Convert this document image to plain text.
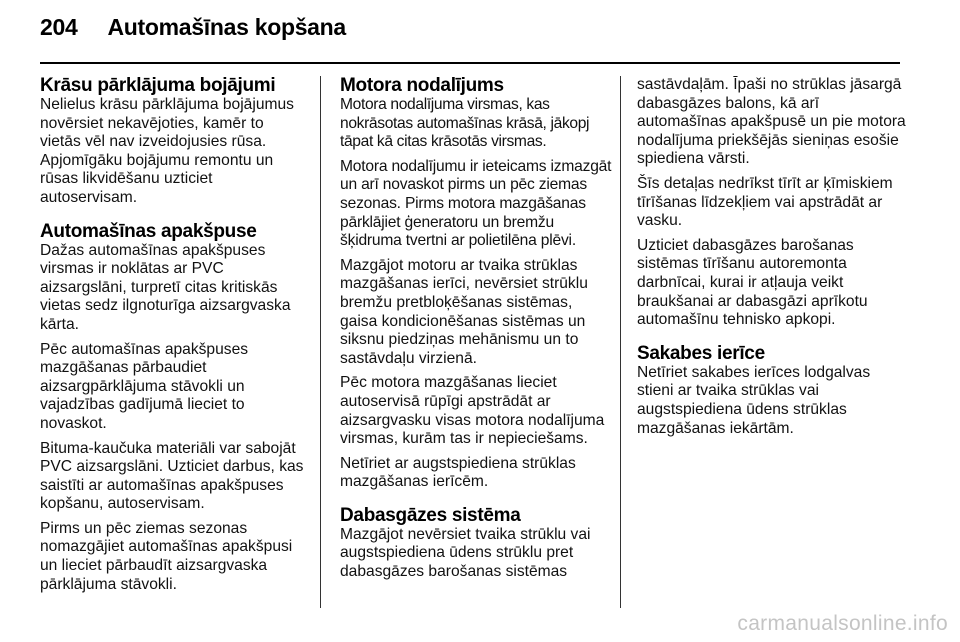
204 Automašīnas kopšana
Krāsu pārklājuma bojājumi

Nelielus krāsu pārklājuma bojājumus novērsiet nekavējoties, kamēr to vietās vēl nav izveidojusies rūsa. Apjomīgāku bojājumu remontu un rūsas likvidēšanu uzticiet autoservisam.

Automašīnas apakšpuse

Dažas automašīnas apakšpuses virsmas ir noklātas ar PVC aizsargslāni, turpretī citas kritiskās vietas sedz ilgnoturīga aizsargvaska kārta.

Pēc automašīnas apakšpuses mazgāšanas pārbaudiet aizsargpārklājuma stāvokli un vajadzības gadījumā lieciet to novaskot.

Bituma-kaučuka materiāli var sabojāt PVC aizsargslāni. Uzticiet darbus, kas saistīti ar automašīnas apakšpuses kopšanu, autoservisam.

Pirms un pēc ziemas sezonas nomazgājiet automašīnas apakšpusi un lieciet pārbaudīt aizsargvaska pārklājuma stāvokli.

Motora nodalījums

Motora nodalījuma virsmas, kas nokrāsotas automašīnas krāsā, jākopj tāpat kā citas krāsotās virsmas.

Motora nodalījumu ir ieteicams izmazgāt un arī novaskot pirms un pēc ziemas sezonas. Pirms motora mazgāšanas pārklājiet ģeneratoru un bremžu šķidruma tvertni ar polietilēna plēvi.

Mazgājot motoru ar tvaika strūklas mazgāšanas ierīci, nevērsiet strūklu bremžu pretbloķēšanas sistēmas, gaisa kondicionēšanas sistēmas un siksnu piedziņas mehānismu un to sastāvdaļu virzienā.

Pēc motora mazgāšanas lieciet autoservisā rūpīgi apstrādāt ar aizsargvasku visas motora nodalījuma virsmas, kurām tas ir nepieciešams.

Netīriet ar augstspiediena strūklas mazgāšanas ierīcēm.

Dabasgāzes sistēma

Mazgājot nevērsiet tvaika strūklu vai augstspiediena ūdens strūklu pret dabasgāzes barošanas sistēmas

sastāvdaļām. Īpaši no strūklas jāsargā dabasgāzes balons, kā arī automašīnas apakšpusē un pie motora nodalījuma priekšējās sieniņas esošie spiediena vārsti.

Šīs detaļas nedrīkst tīrīt ar ķīmiskiem tīrīšanas līdzekļiem vai apstrādāt ar vasku.

Uzticiet dabasgāzes barošanas sistēmas tīrīšanu autoremonta darbnīcai, kurai ir atļauja veikt braukšanai ar dabasgāzi aprīkotu automašīnu tehnisko apkopi.

Sakabes ierīce

Netīriet sakabes ierīces lodgalvas stieni ar tvaika strūklas vai augstspiediena ūdens strūklas mazgāšanas iekārtām.

carmanualsonline.info
